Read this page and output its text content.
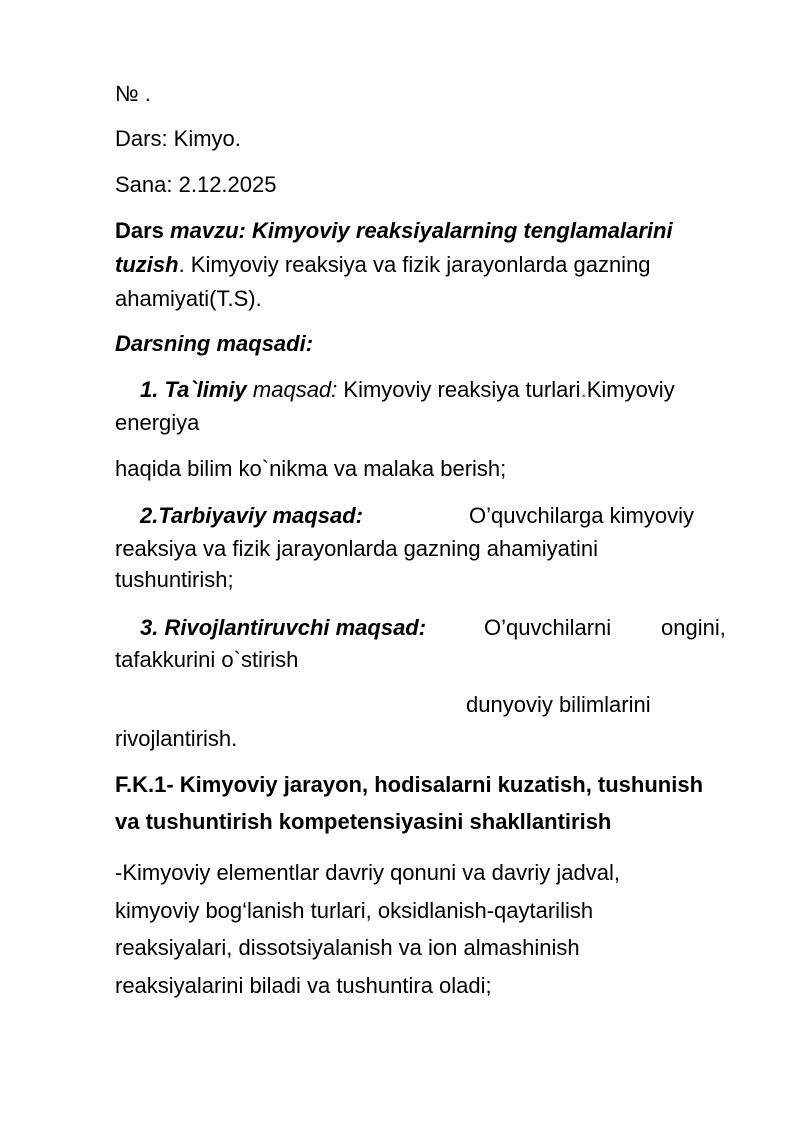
№ .
Dars: Kimyo.
Sana: 2.12.2025
Dars mavzu: Kimyoviy reaksiyalarning tenglamalarini
tuzish. Kimyoviy reaksiya va fizik jarayonlarda gazning
ahamiyati(T.S).
Darsning maqsadi:
1. Ta`limiy maqsad: Kimyoviy reaksiya turlari.Kimyoviy
energiya
haqida bilim ko`nikma va malaka berish;
2.Tarbiyaviy maqsad:	O’quvchilarga kimyoviy
reaksiya va fizik jarayonlarda gazning ahamiyatini
tushuntirish;
3. Rivojlantiruvchi maqsad:	O’quvchilarni ongini,
tafakkurini o`stirish
dunyoviy bilimlarini
rivojlantirish.
F.K.1- Kimyoviy jarayon, hodisalarni kuzatish, tushunish
va tushuntirish kompetensiyasini shakllantirish
-Kimyoviy elementlar davriy qonuni va davriy jadval,
kimyoviy bog‘lanish turlari, oksidlanish-qaytarilish
reaksiyalari, dissotsiyalanish va ion almashinish
reaksiyalarini biladi va tushuntira oladi;
